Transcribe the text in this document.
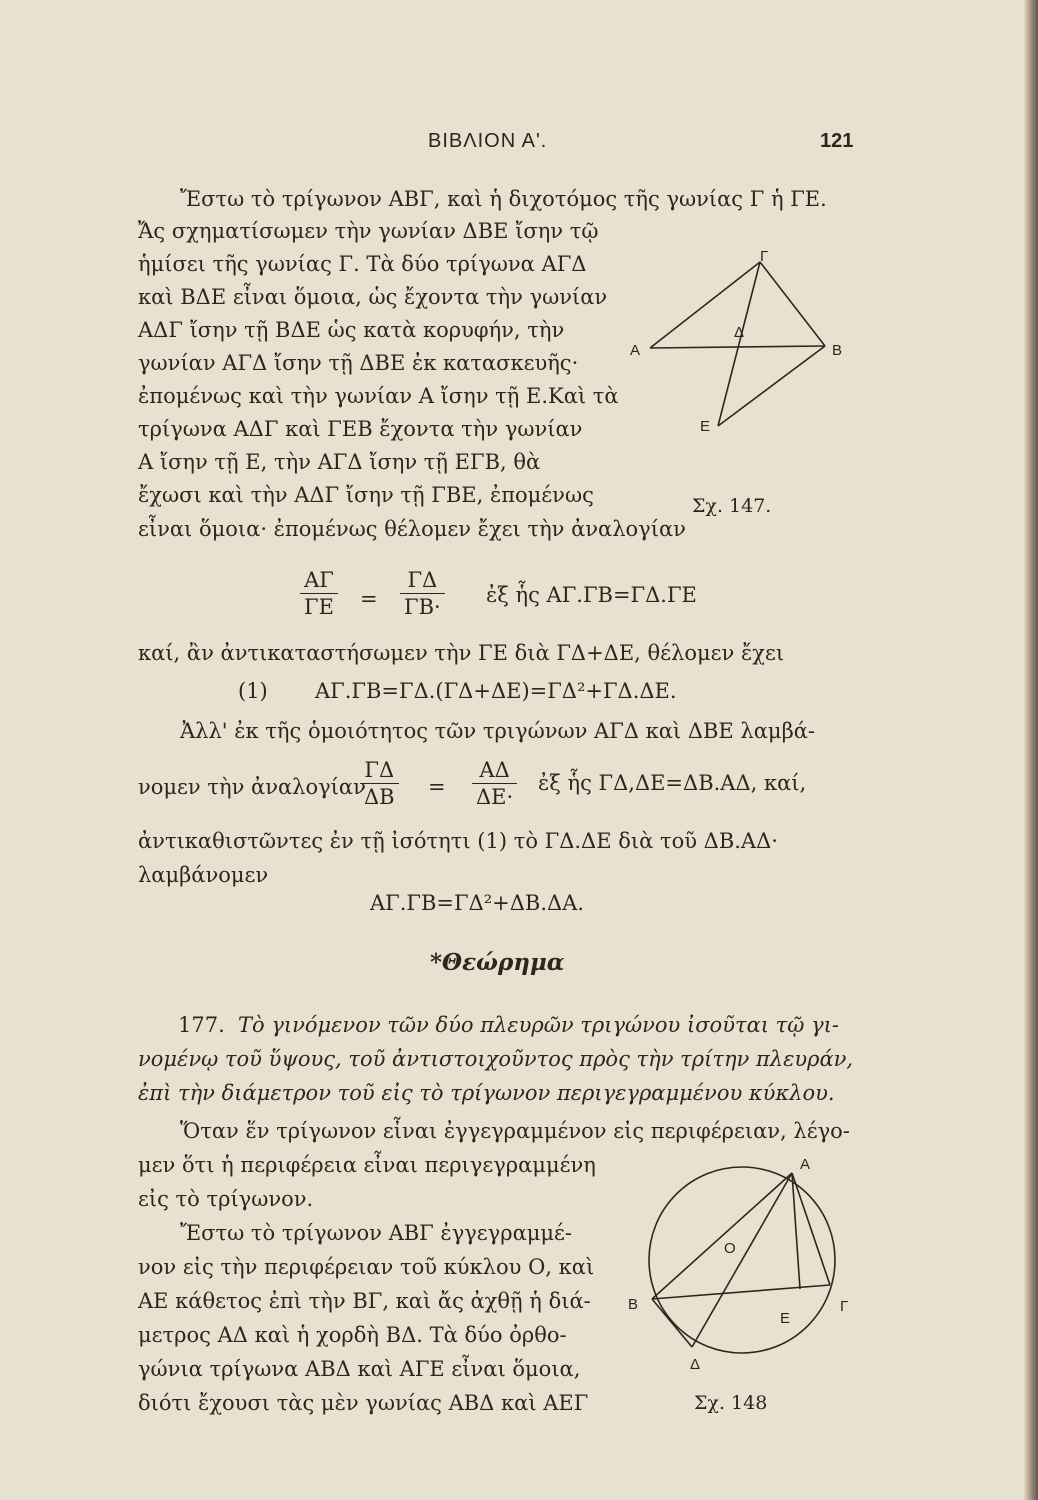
ΒΙΒΛΙΟΝ Α'.	121
Ἔστω τὸ τρίγωνον ΑΒΓ, καὶ ἡ διχοτόμος τῆς γωνίας Γ ἡ ΓΕ.
Ἄς σχηματίσωμεν τὴν γωνίαν ΔΒΕ ἴσην τῷ
ἡμίσει τῆς γωνίας Γ. Τὰ δύο τρίγωνα ΑΓΔ
καὶ ΒΔΕ εἶναι ὅμοια, ὡς ἔχοντα τὴν γωνίαν
ΑΔΓ ἴσην τῇ ΒΔΕ ὡς κατὰ κορυφήν, τὴν
γωνίαν ΑΓΔ ἴσην τῇ ΔΒΕ ἐκ κατασκευῆς·
ἐπομένως καὶ τὴν γωνίαν Α ἴσην τῇ Ε.Καὶ τὰ
τρίγωνα ΑΔΓ καὶ ΓΕΒ ἔχοντα τὴν γωνίαν
Α ἴσην τῇ Ε, τὴν ΑΓΔ ἴσην τῇ ΕΓΒ, θὰ
ἔχωσι καὶ τὴν ΑΔΓ ἴσην τῇ ΓΒΕ, ἐπομένως
εἶναι ὅμοια· ἐπομένως θέλομεν ἔχει τὴν ἀναλογίαν
Γ
Α
Δ
Β
Ε
Σχ. 147.
ΑΓ
ΓΕ =
ΓΔ
ΓΒ· ἐξ ἧς ΑΓ.ΓΒ=ΓΔ.ΓΕ
καί, ἂν ἀντικαταστήσωμεν τὴν ΓΕ διὰ ΓΔ+ΔΕ, θέλομεν ἔχει
(1) ΑΓ.ΓΒ=ΓΔ.(ΓΔ+ΔΕ)=ΓΔ²+ΓΔ.ΔΕ.
Ἀλλ' ἐκ τῆς ὁμοιότητος τῶν τριγώνων ΑΓΔ καὶ ΔΒΕ λαμβά-
νομεν τὴν ἀναλογίαν
ΓΔ
ΔΒ =
ΑΔ
ΔΕ·
ἐξ ἧς ΓΔ,ΔΕ=ΔΒ.ΑΔ, καί,
ἀντικαθιστῶντες ἐν τῇ ἰσότητι (1) τὸ ΓΔ.ΔΕ διὰ τοῦ ΔΒ.ΑΔ·
λαμβάνομεν
ΑΓ.ΓΒ=ΓΔ²+ΔΒ.ΔΑ.
*Θεώρημα
177. Τὸ γινόμενον τῶν δύο πλευρῶν τριγώνου ἰσοῦται τῷ γι-
νομένῳ τοῦ ὕψους, τοῦ ἀντιστοιχοῦντος πρὸς τὴν τρίτην πλευράν,
ἐπὶ τὴν διάμετρον τοῦ εἰς τὸ τρίγωνον περιγεγραμμένου κύκλου.
Ὅταν ἕν τρίγωνον εἶναι ἐγγεγραμμένον εἰς περιφέρειαν, λέγο-
μεν ὅτι ἡ περιφέρεια εἶναι περιγεγραμμένη
εἰς τὸ τρίγωνον.
Ἔστω τὸ τρίγωνον ΑΒΓ ἐγγεγραμμέ-
νον εἰς τὴν περιφέρειαν τοῦ κύκλου Ο, καὶ
ΑΕ κάθετος ἐπὶ τὴν ΒΓ, καὶ ἄς ἀχθῇ ἡ διά-
μετρος ΑΔ καὶ ἡ χορδὴ ΒΔ. Τὰ δύο ὀρθο-
γώνια τρίγωνα ΑΒΔ καὶ ΑΓΕ εἶναι ὅμοια,
διότι ἔχουσι τὰς μὲν γωνίας ΑΒΔ καὶ ΑΕΓ
Α
Ο
Β	Γ
Ε
Δ
Σχ. 148
